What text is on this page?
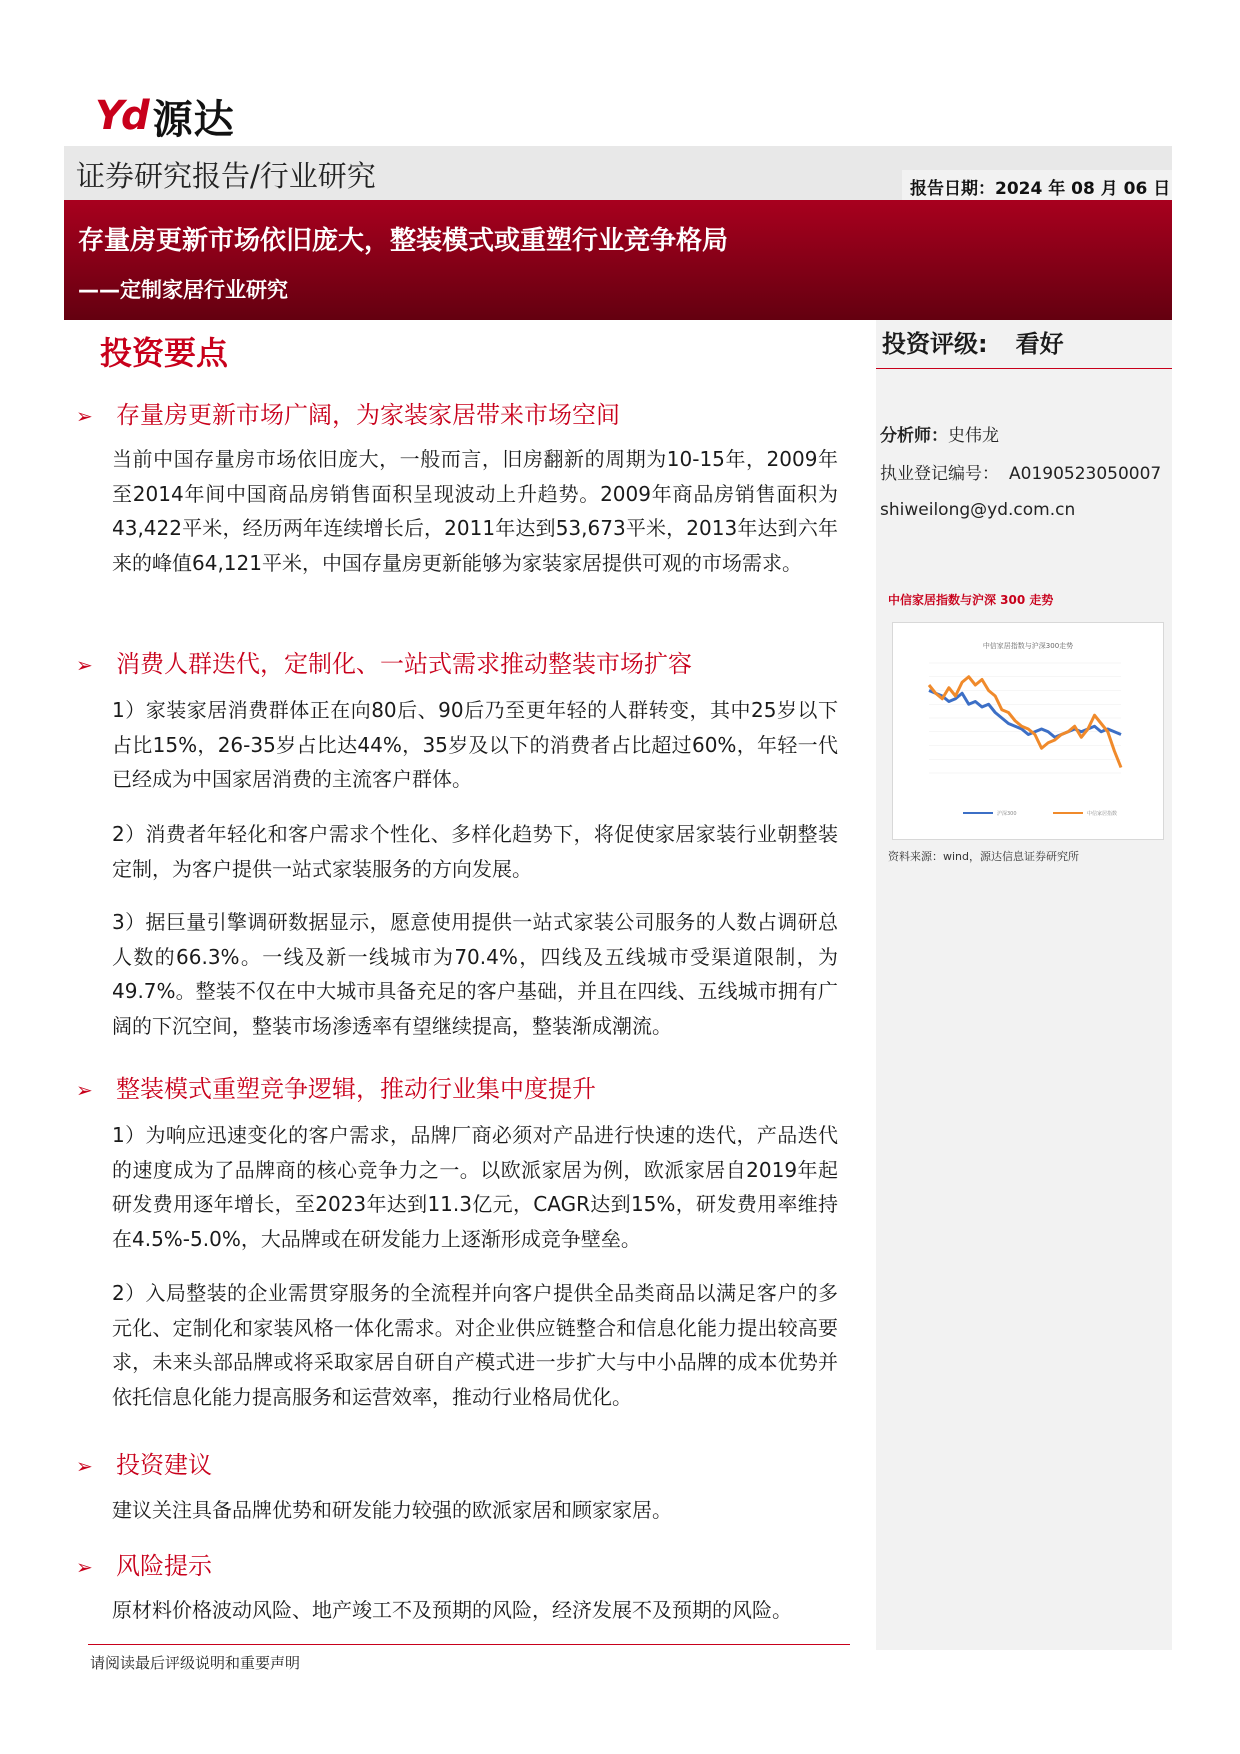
Yd 源达
证券研究报告/行业研究	报告日期：2024 年 08 月 06 日
存量房更新市场依旧庞大，整装模式或重塑行业竞争格局
——定制家居行业研究
投资评级: 看好
分析师：史伟龙
执业登记编号： A0190523050007
shiweilong@yd.com.cn
中信家居指数与沪深 300 走势
中信家居指数与沪深300走势
沪深300	中信家居指数
资料来源：wind，源达信息证券研究所
投资要点
➢ 存量房更新市场广阔，为家装家居带来市场空间
当前中国存量房市场依旧庞大，一般而言，旧房翻新的周期为10-15年，2009年至2014年间中国商品房销售面积呈现波动上升趋势。2009年商品房销售面积为43,422平米，经历两年连续增长后，2011年达到53,673平米，2013年达到六年来的峰值64,121平米，中国存量房更新能够为家装家居提供可观的市场需求。
➢ 消费人群迭代，定制化、一站式需求推动整装市场扩容
1）家装家居消费群体正在向80后、90后乃至更年轻的人群转变，其中25岁以下占比15%，26-35岁占比达44%，35岁及以下的消费者占比超过60%，年轻一代已经成为中国家居消费的主流客户群体。
2）消费者年轻化和客户需求个性化、多样化趋势下，将促使家居家装行业朝整装定制，为客户提供一站式家装服务的方向发展。
3）据巨量引擎调研数据显示，愿意使用提供一站式家装公司服务的人数占调研总人数的66.3%。一线及新一线城市为70.4%，四线及五线城市受渠道限制，为49.7%。整装不仅在中大城市具备充足的客户基础，并且在四线、五线城市拥有广阔的下沉空间，整装市场渗透率有望继续提高，整装渐成潮流。
➢ 整装模式重塑竞争逻辑，推动行业集中度提升
1）为响应迅速变化的客户需求，品牌厂商必须对产品进行快速的迭代，产品迭代的速度成为了品牌商的核心竞争力之一。以欧派家居为例，欧派家居自2019年起研发费用逐年增长，至2023年达到11.3亿元，CAGR达到15%，研发费用率维持在4.5%-5.0%，大品牌或在研发能力上逐渐形成竞争壁垒。
2）入局整装的企业需贯穿服务的全流程并向客户提供全品类商品以满足客户的多元化、定制化和家装风格一体化需求。对企业供应链整合和信息化能力提出较高要求，未来头部品牌或将采取家居自研自产模式进一步扩大与中小品牌的成本优势并依托信息化能力提高服务和运营效率，推动行业格局优化。
➢ 投资建议
建议关注具备品牌优势和研发能力较强的欧派家居和顾家家居。
➢ 风险提示
原材料价格波动风险、地产竣工不及预期的风险，经济发展不及预期的风险。
请阅读最后评级说明和重要声明
